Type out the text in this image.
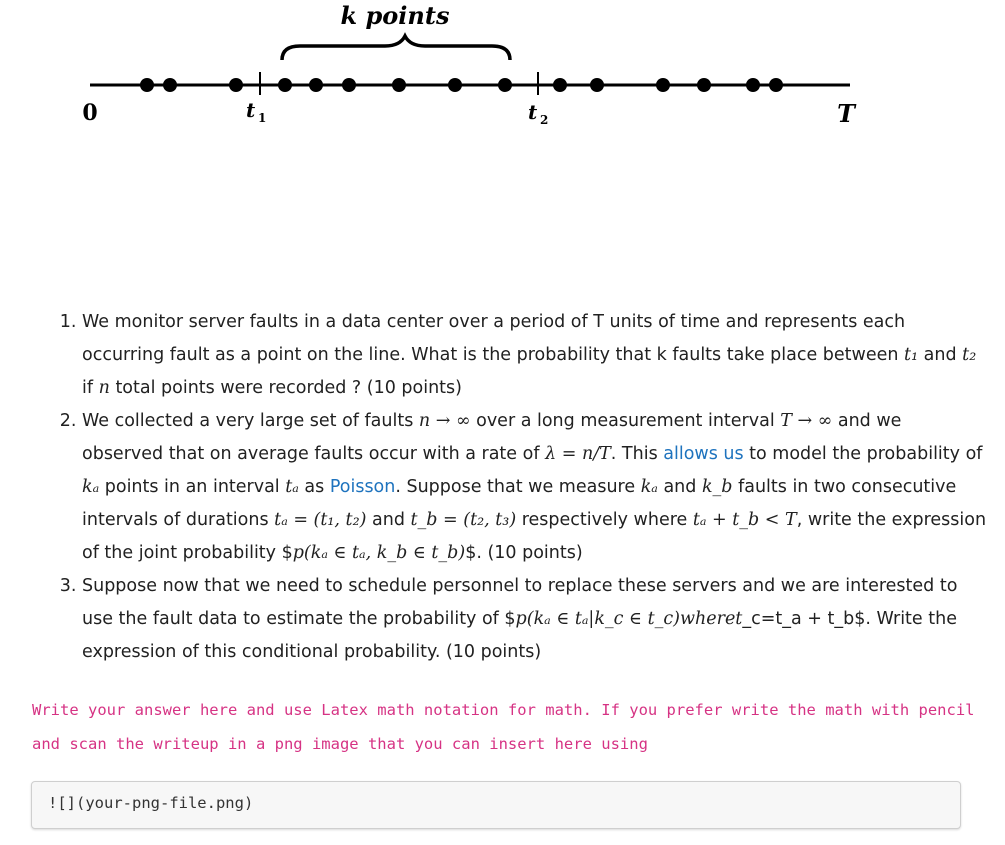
k points
0	t 1	t 2	T
1. We monitor server faults in a data center over a period of T units of time and represents each occurring fault as a point on the line. What is the probability that k faults take place between t₁ and t₂ if n total points were recorded ? (10 points)
2. We collected a very large set of faults n → ∞ over a long measurement interval T → ∞ and we observed that on average faults occur with a rate of λ = n/T. This allows us to model the probability of kₐ points in an interval tₐ as Poisson. Suppose that we measure kₐ and k_b faults in two consecutive intervals of durations tₐ = (t₁, t₂) and t_b = (t₂, t₃) respectively where tₐ + t_b < T, write the expression of the joint probability $p(kₐ ∈ tₐ, k_b ∈ t_b)$. (10 points)
3. Suppose now that we need to schedule personnel to replace these servers and we are interested to use the fault data to estimate the probability of $p(kₐ ∈ tₐ|k_c ∈ t_c)wheret_c=t_a + t_b$. Write the expression of this conditional probability. (10 points)
Write your answer here and use Latex math notation for math. If you prefer write the math with pencil and scan the writeup in a png image that you can insert here using
![](your-png-file.png)
